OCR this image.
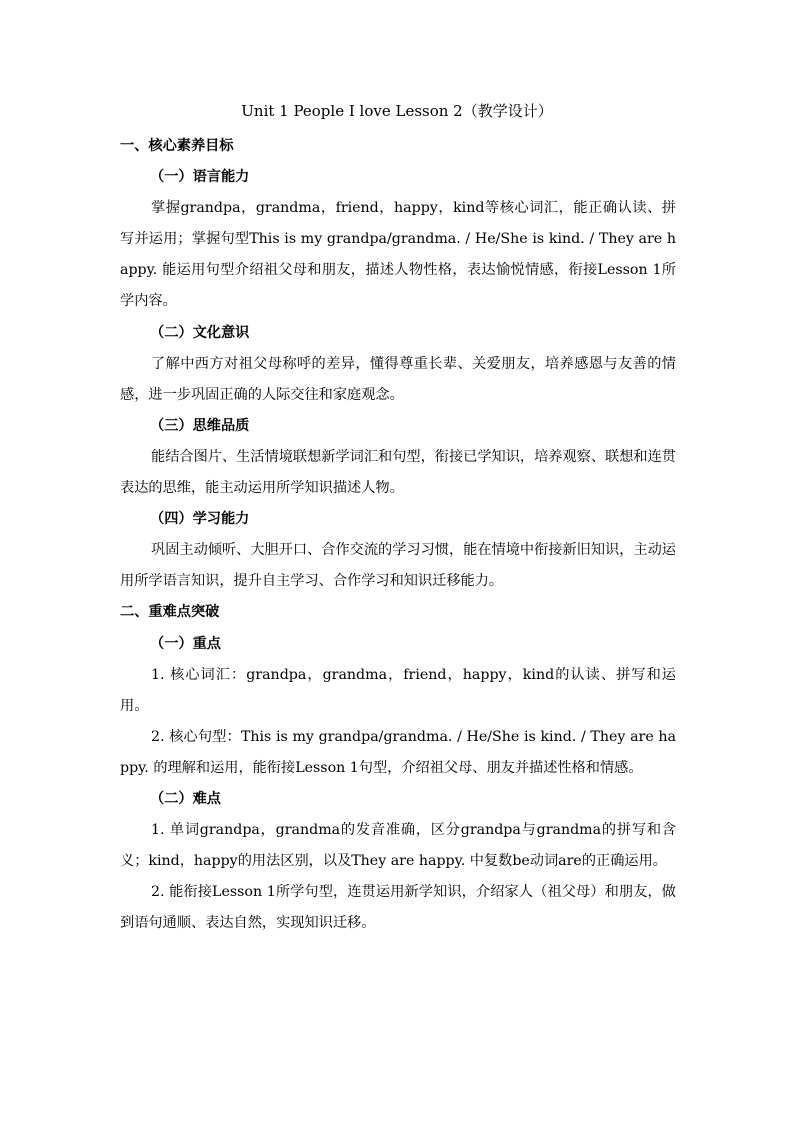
Unit 1 People I love Lesson 2（教学设计）
一、核心素养目标
（一）语言能力
掌握grandpa，grandma，friend，happy，kind等核心词汇，能正确认读、拼写并运用；掌握句型This is my grandpa/grandma. / He/She is kind. / They are happy. 能运用句型介绍祖父母和朋友，描述人物性格，表达愉悦情感，衔接Lesson 1所学内容。
（二）文化意识
了解中西方对祖父母称呼的差异，懂得尊重长辈、关爱朋友，培养感恩与友善的情感，进一步巩固正确的人际交往和家庭观念。
（三）思维品质
能结合图片、生活情境联想新学词汇和句型，衔接已学知识，培养观察、联想和连贯表达的思维，能主动运用所学知识描述人物。
（四）学习能力
巩固主动倾听、大胆开口、合作交流的学习习惯，能在情境中衔接新旧知识，主动运用所学语言知识，提升自主学习、合作学习和知识迁移能力。
二、重难点突破
（一）重点
1. 核心词汇：grandpa，grandma，friend，happy，kind的认读、拼写和运用。
2. 核心句型：This is my grandpa/grandma. / He/She is kind. / They are happy. 的理解和运用，能衔接Lesson 1句型，介绍祖父母、朋友并描述性格和情感。
（二）难点
1. 单词grandpa，grandma的发音准确，区分grandpa与grandma的拼写和含义；kind，happy的用法区别，以及They are happy. 中复数be动词are的正确运用。
2. 能衔接Lesson 1所学句型，连贯运用新学知识，介绍家人（祖父母）和朋友，做到语句通顺、表达自然，实现知识迁移。
